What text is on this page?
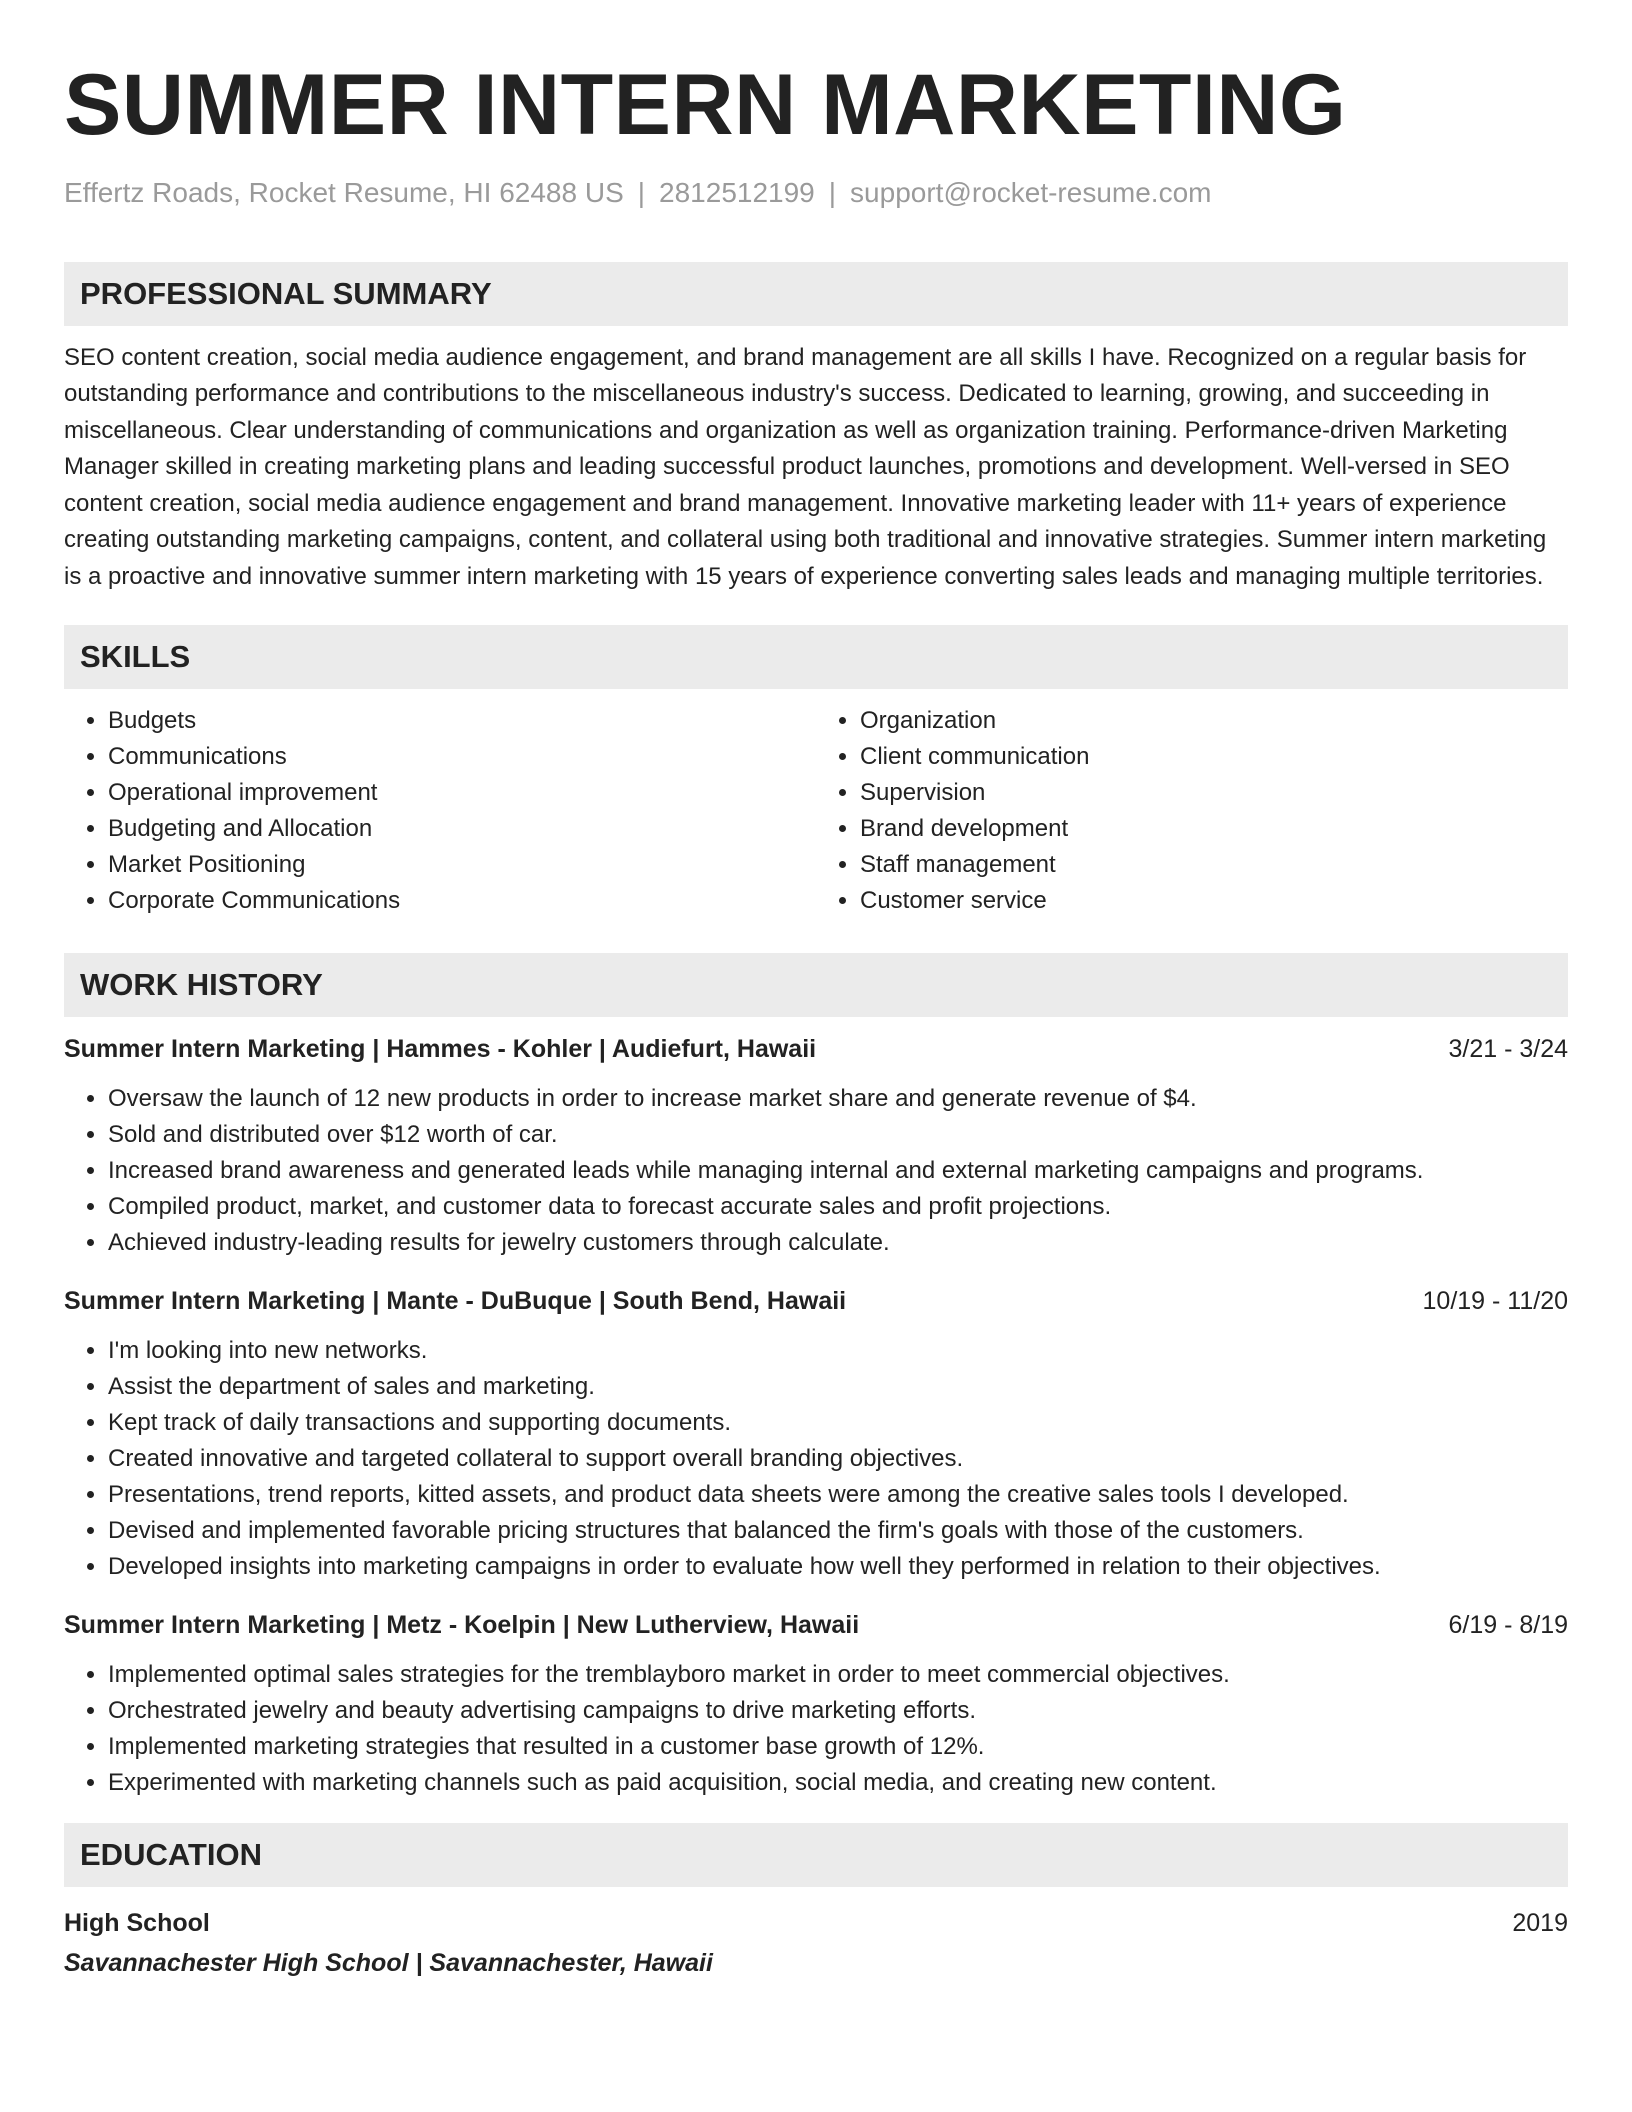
SUMMER INTERN MARKETING
Effertz Roads, Rocket Resume, HI 62488 US | 2812512199 | support@rocket-resume.com
PROFESSIONAL SUMMARY

SEO content creation, social media audience engagement, and brand management are all skills I have. Recognized on a regular basis for outstanding performance and contributions to the miscellaneous industry's success. Dedicated to learning, growing, and succeeding in miscellaneous. Clear understanding of communications and organization as well as organization training. Performance-driven Marketing Manager skilled in creating marketing plans and leading successful product launches, promotions and development. Well-versed in SEO content creation, social media audience engagement and brand management. Innovative marketing leader with 11+ years of experience creating outstanding marketing campaigns, content, and collateral using both traditional and innovative strategies. Summer intern marketing is a proactive and innovative summer intern marketing with 15 years of experience converting sales leads and managing multiple territories.

SKILLS
• Budgets
• Communications
• Operational improvement
• Budgeting and Allocation
• Market Positioning
• Corporate Communications
• Organization
• Client communication
• Supervision
• Brand development
• Staff management
• Customer service
WORK HISTORY
Summer Intern Marketing | Hammes - Kohler | Audiefurt, Hawaii	3/21 - 3/24
• Oversaw the launch of 12 new products in order to increase market share and generate revenue of $4.
• Sold and distributed over $12 worth of car.
• Increased brand awareness and generated leads while managing internal and external marketing campaigns and programs.
• Compiled product, market, and customer data to forecast accurate sales and profit projections.
• Achieved industry-leading results for jewelry customers through calculate.
Summer Intern Marketing | Mante - DuBuque | South Bend, Hawaii	10/19 - 11/20
• I'm looking into new networks.
• Assist the department of sales and marketing.
• Kept track of daily transactions and supporting documents.
• Created innovative and targeted collateral to support overall branding objectives.
• Presentations, trend reports, kitted assets, and product data sheets were among the creative sales tools I developed.
• Devised and implemented favorable pricing structures that balanced the firm's goals with those of the customers.
• Developed insights into marketing campaigns in order to evaluate how well they performed in relation to their objectives.
Summer Intern Marketing | Metz - Koelpin | New Lutherview, Hawaii	6/19 - 8/19
• Implemented optimal sales strategies for the tremblayboro market in order to meet commercial objectives.
• Orchestrated jewelry and beauty advertising campaigns to drive marketing efforts.
• Implemented marketing strategies that resulted in a customer base growth of 12%.
• Experimented with marketing channels such as paid acquisition, social media, and creating new content.
EDUCATION
High School	2019
Savannachester High School | Savannachester, Hawaii
